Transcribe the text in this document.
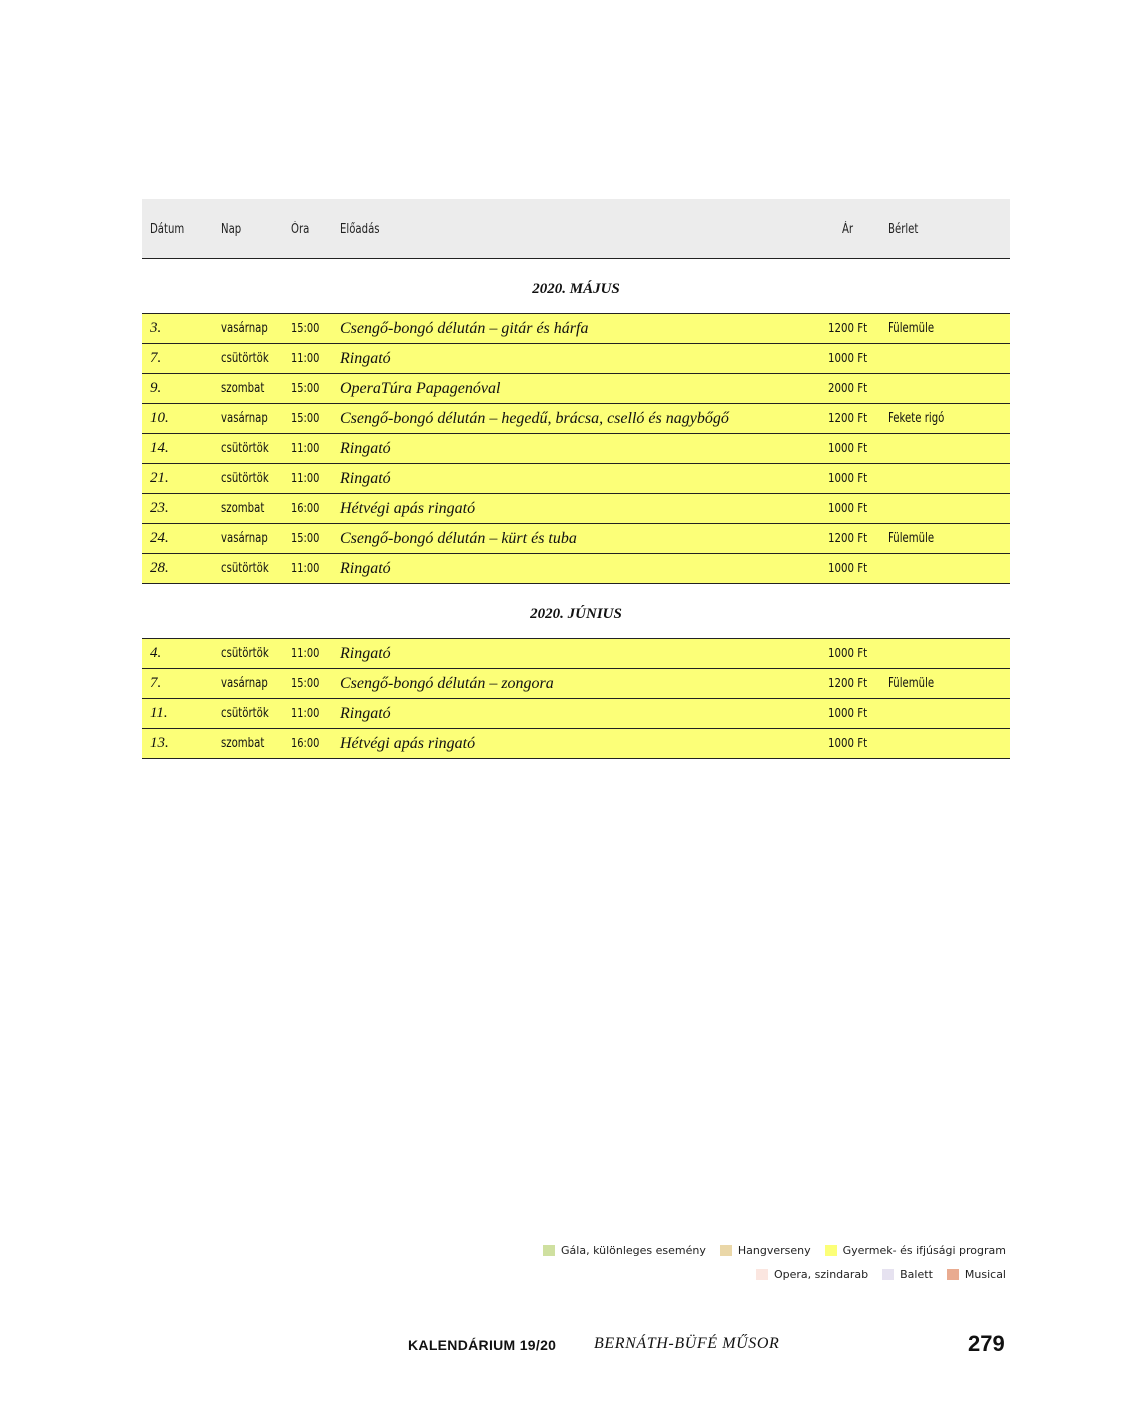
Dátum	Nap	Óra Előadás	Ár	Bérlet
2020. MÁJUS
3.	vasárnap 15:00 Csengő-bongó délután – gitár és hárfa	1200 Ft Fülemüle
7.	csütörtök 11:00 Ringató	1000 Ft
9.	szombat 15:00 OperaTúra Papagenóval	2000 Ft
10.	vasárnap 15:00 Csengő-bongó délután – hegedű, brácsa, cselló és nagybőgő	1200 Ft Fekete rigó
14.	csütörtök 11:00 Ringató	1000 Ft
21.	csütörtök 11:00 Ringató	1000 Ft
23.	szombat 16:00 Hétvégi apás ringató	1000 Ft
24.	vasárnap 15:00 Csengő-bongó délután – kürt és tuba	1200 Ft Fülemüle
28.	csütörtök 11:00 Ringató	1000 Ft
2020. JÚNIUS
4.	csütörtök 11:00 Ringató	1000 Ft
7.	vasárnap 15:00 Csengő-bongó délután – zongora	1200 Ft Fülemüle
11.	csütörtök 11:00 Ringató	1000 Ft
13.	szombat 16:00 Hétvégi apás ringató	1000 Ft
Gála, különleges esemény	Hangverseny	Gyermek- és ifjúsági program
Opera, szindarab	Balett	Musical
KALENDÁRIUM 19/20 BERNÁTH-BÜFÉ MŰSOR	279
